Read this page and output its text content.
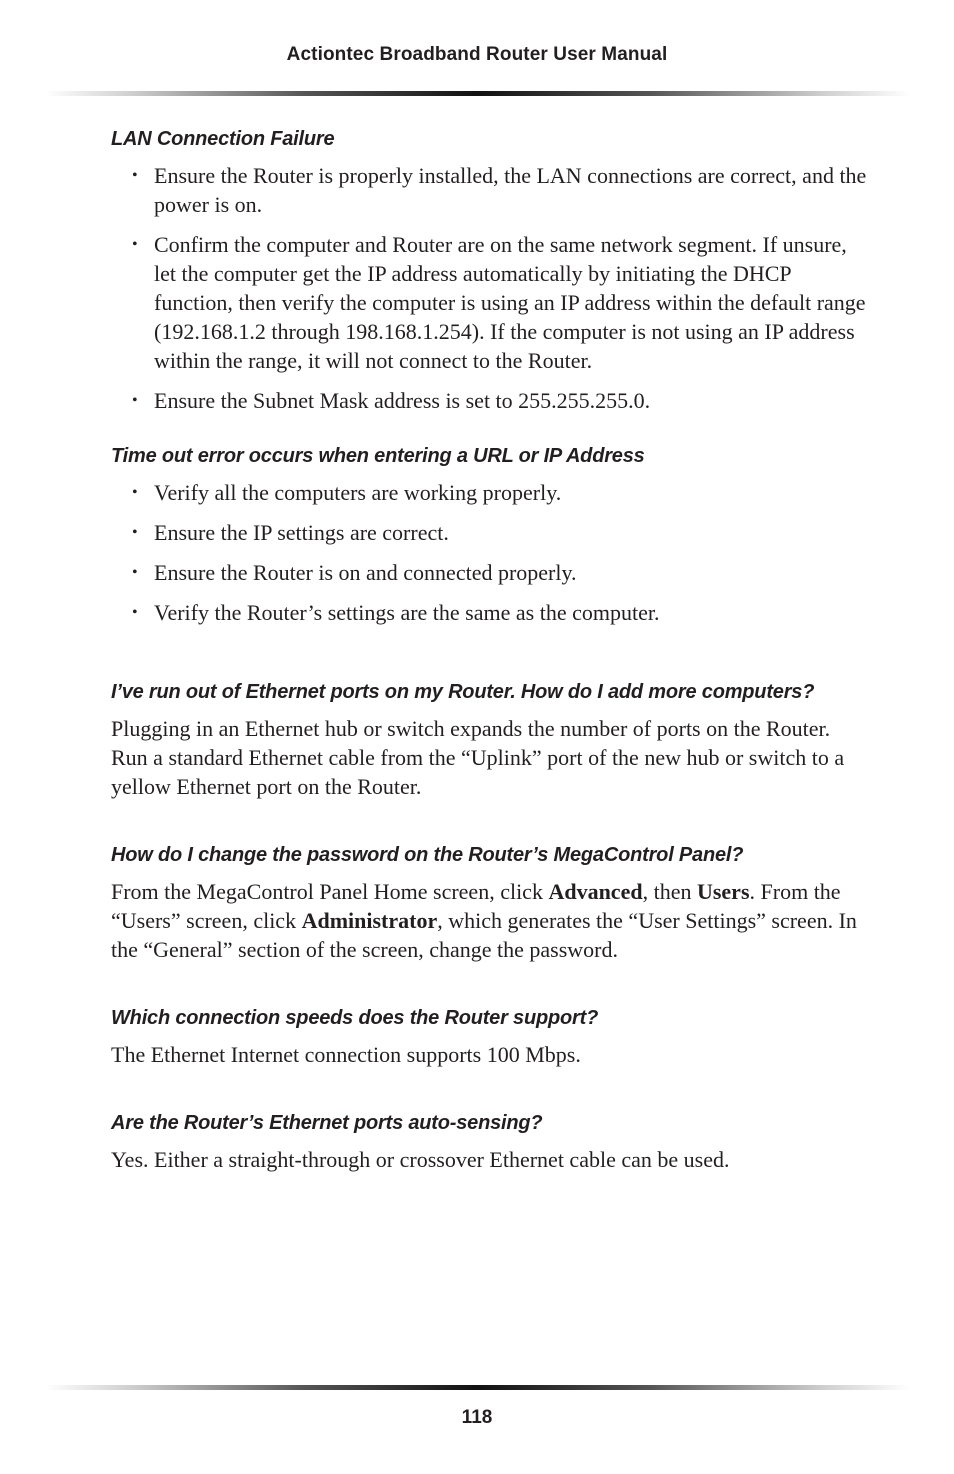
Actiontec Broadband Router User Manual
LAN Connection Failure
• Ensure the Router is properly installed, the LAN connections are correct, and the power is on.
• Confirm the computer and Router are on the same network segment. If unsure, let the computer get the IP address automatically by initiating the DHCP function, then verify the computer is using an IP address within the default range (192.168.1.2 through 198.168.1.254). If the computer is not using an IP address within the range, it will not connect to the Router.
• Ensure the Subnet Mask address is set to 255.255.255.0.
Time out error occurs when entering a URL or IP Address
• Verify all the computers are working properly.
• Ensure the IP settings are correct.
• Ensure the Router is on and connected properly.
• Verify the Router’s settings are the same as the computer.
I’ve run out of Ethernet ports on my Router. How do I add more computers?

Plugging in an Ethernet hub or switch expands the number of ports on the Router. Run a standard Ethernet cable from the “Uplink” port of the new hub or switch to a yellow Ethernet port on the Router.

How do I change the password on the Router’s MegaControl Panel?

From the MegaControl Panel Home screen, click Advanced, then Users. From the “Users” screen, click Administrator, which generates the “User Settings” screen. In the “General” section of the screen, change the password.

Which connection speeds does the Router support?

The Ethernet Internet connection supports 100 Mbps.

Are the Router’s Ethernet ports auto-sensing?

Yes. Either a straight-through or crossover Ethernet cable can be used.

118
